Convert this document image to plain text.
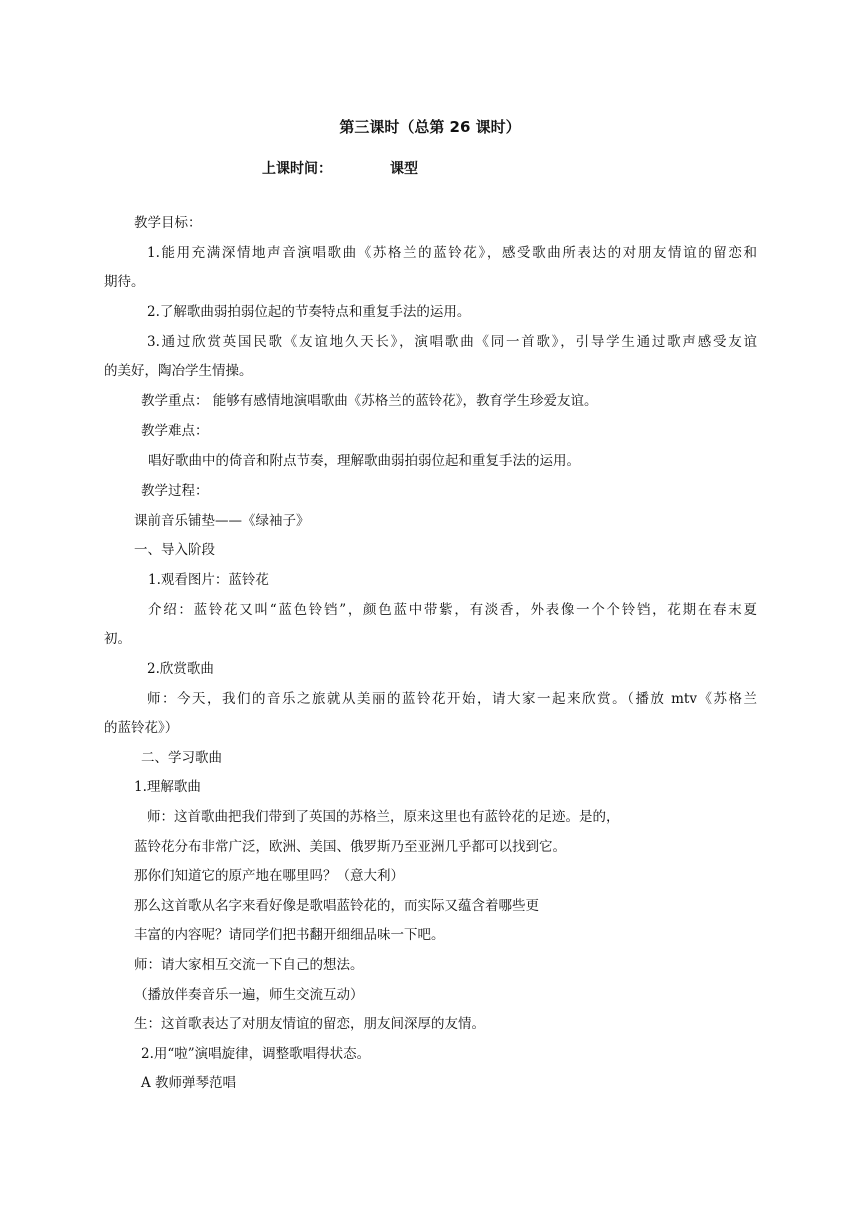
第三课时（总第 26 课时）
上课时间：	课型
教学目标：
1.能用充满深情地声音演唱歌曲《苏格兰的蓝铃花》，感受歌曲所表达的对朋友情谊的留恋和
期待。
2.了解歌曲弱拍弱位起的节奏特点和重复手法的运用。
3.通过欣赏英国民歌《友谊地久天长》，演唱歌曲《同一首歌》，引导学生通过歌声感受友谊
的美好，陶冶学生情操。
教学重点： 能够有感情地演唱歌曲《苏格兰的蓝铃花》，教育学生珍爱友谊。
教学难点：
唱好歌曲中的倚音和附点节奏，理解歌曲弱拍弱位起和重复手法的运用。
教学过程：
课前音乐铺垫——《绿袖子》
一、导入阶段
1.观看图片：蓝铃花
介绍：蓝铃花又叫“蓝色铃铛”，颜色蓝中带紫，有淡香，外表像一个个铃铛，花期在春末夏
初。
2.欣赏歌曲
师：今天，我们的音乐之旅就从美丽的蓝铃花开始，请大家一起来欣赏。（播放 mtv《苏格兰
的蓝铃花》）
二、学习歌曲
1.理解歌曲
师：这首歌曲把我们带到了英国的苏格兰，原来这里也有蓝铃花的足迹。是的，
蓝铃花分布非常广泛，欧洲、美国、俄罗斯乃至亚洲几乎都可以找到它。
那你们知道它的原产地在哪里吗？（意大利）
那么这首歌从名字来看好像是歌唱蓝铃花的，而实际又蕴含着哪些更
丰富的内容呢？请同学们把书翻开细细品味一下吧。
师：请大家相互交流一下自己的想法。
（播放伴奏音乐一遍，师生交流互动）
生：这首歌表达了对朋友情谊的留恋，朋友间深厚的友情。
2.用“啦”演唱旋律，调整歌唱得状态。
A 教师弹琴范唱
